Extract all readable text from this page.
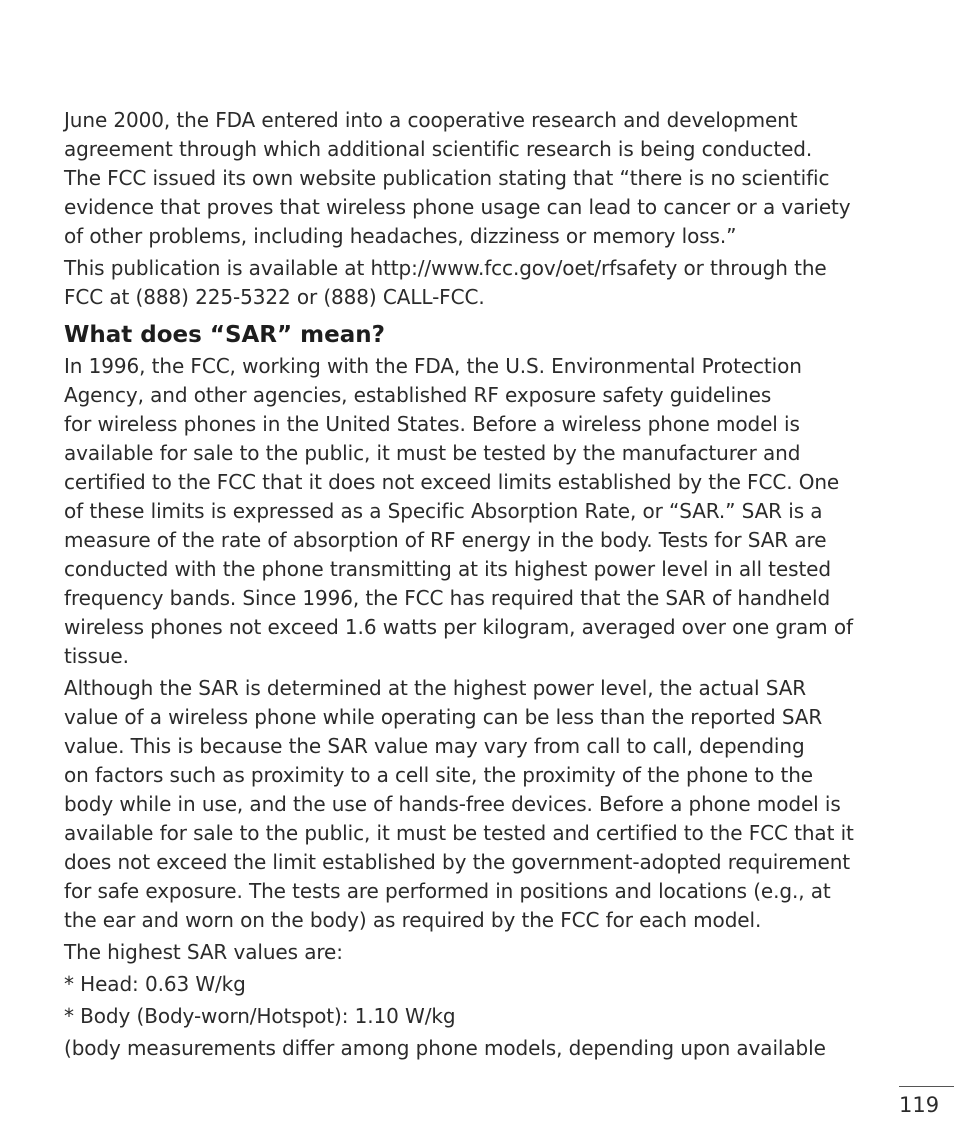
June 2000, the FDA entered into a cooperative research and development
agreement through which additional scientific research is being conducted.
The FCC issued its own website publication stating that “there is no scientific
evidence that proves that wireless phone usage can lead to cancer or a variety
of other problems, including headaches, dizziness or memory loss.”
This publication is available at http://www.fcc.gov/oet/rfsafety or through the
FCC at (888) 225-5322 or (888) CALL-FCC.
What does “SAR” mean?
In 1996, the FCC, working with the FDA, the U.S. Environmental Protection
Agency, and other agencies, established RF exposure safety guidelines
for wireless phones in the United States. Before a wireless phone model is
available for sale to the public, it must be tested by the manufacturer and
certified to the FCC that it does not exceed limits established by the FCC. One
of these limits is expressed as a Specific Absorption Rate, or “SAR.” SAR is a
measure of the rate of absorption of RF energy in the body. Tests for SAR are
conducted with the phone transmitting at its highest power level in all tested
frequency bands. Since 1996, the FCC has required that the SAR of handheld
wireless phones not exceed 1.6 watts per kilogram, averaged over one gram of
tissue.
Although the SAR is determined at the highest power level, the actual SAR
value of a wireless phone while operating can be less than the reported SAR
value. This is because the SAR value may vary from call to call, depending
on factors such as proximity to a cell site, the proximity of the phone to the
body while in use, and the use of hands-free devices. Before a phone model is
available for sale to the public, it must be tested and certified to the FCC that it
does not exceed the limit established by the government-adopted requirement
for safe exposure. The tests are performed in positions and locations (e.g., at
the ear and worn on the body) as required by the FCC for each model.
The highest SAR values are:
* Head: 0.63 W/kg
* Body (Body-worn/Hotspot): 1.10 W/kg
(body measurements differ among phone models, depending upon available
119
